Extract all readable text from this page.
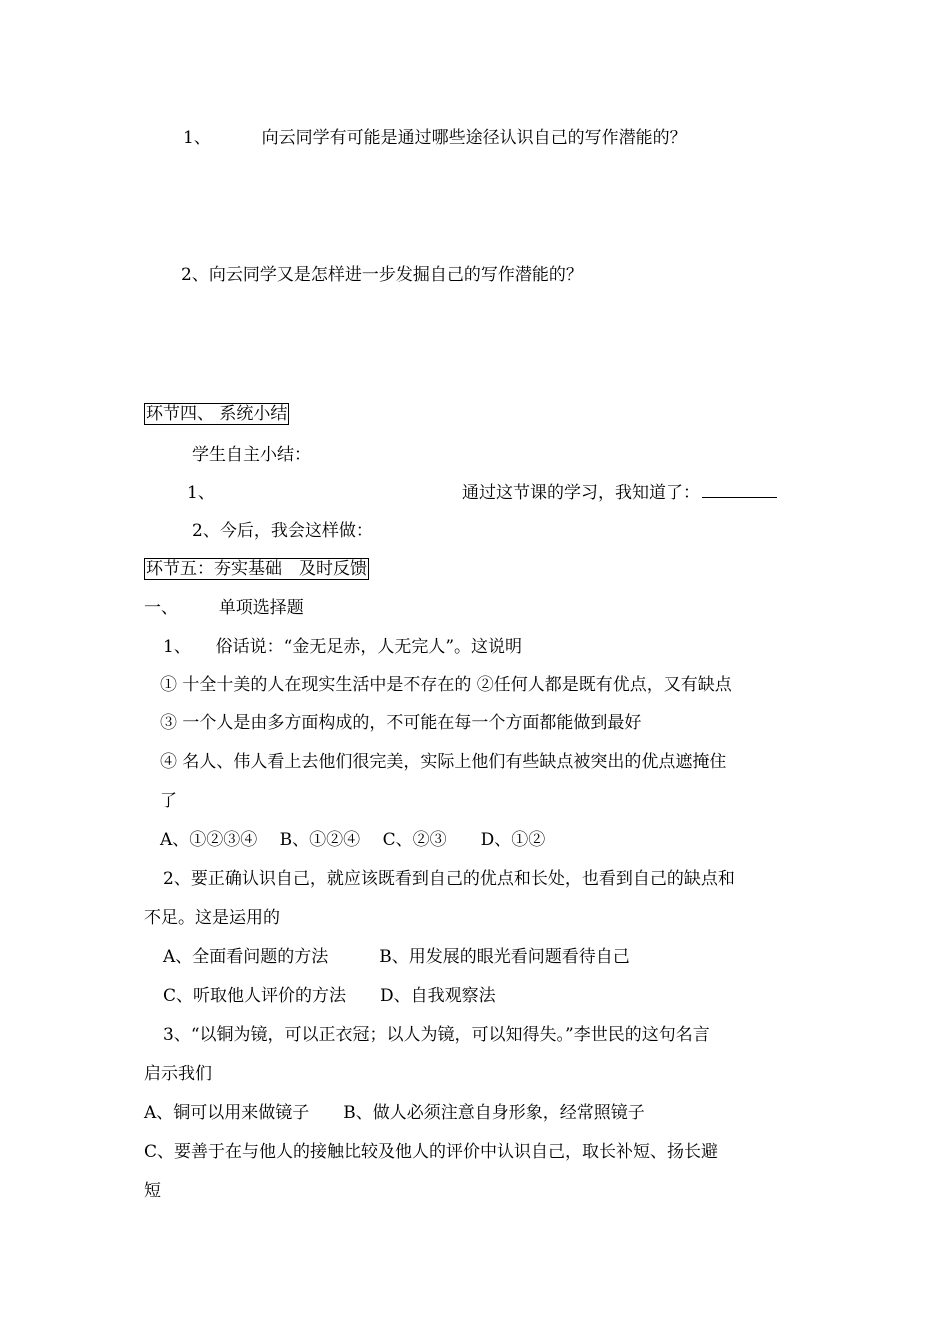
1、	向云同学有可能是通过哪些途径认识自己的写作潜能的？
2、向云同学又是怎样进一步发掘自己的写作潜能的？
环节四、 系统小结
学生自主小结：
1、	通过这节课的学习，我知道了：
2、今后，我会这样做：
环节五：夯实基础　及时反馈
一、 单项选择题
1、 俗话说：“金无足赤，人无完人”。这说明
① 十全十美的人在现实生活中是不存在的 ②任何人都是既有优点，又有缺点
③ 一个人是由多方面构成的，不可能在每一个方面都能做到最好
④ 名人、伟人看上去他们很完美，实际上他们有些缺点被突出的优点遮掩住
了
A、①②③④　 B、①②④　 C、②③　　D、①②
2、要正确认识自己，就应该既看到自己的优点和长处，也看到自己的缺点和
不足。这是运用的
A、全面看问题的方法　　　B、用发展的眼光看问题看待自己
C、听取他人评价的方法　　D、自我观察法
3、“以铜为镜，可以正衣冠；以人为镜，可以知得失。”李世民的这句名言
启示我们
A、铜可以用来做镜子　　B、做人必须注意自身形象，经常照镜子
C、要善于在与他人的接触比较及他人的评价中认识自己，取长补短、扬长避
短
